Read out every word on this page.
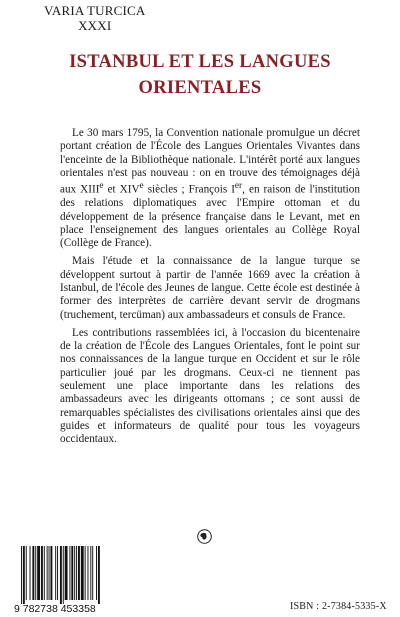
VARIA TURCICA
XXXI
ISTANBUL ET LES LANGUES
ORIENTALES

Le 30 mars 1795, la Convention nationale promulgue un décret portant création de l'École des Langues Orientales Vivantes dans l'enceinte de la Bibliothèque nationale. L'intérêt porté aux langues orientales n'est pas nouveau : on en trouve des témoignages déjà aux XIIIe et XIVe siècles ; François Ier, en raison de l'institution des relations diplomatiques avec l'Empire ottoman et du développement de la présence française dans le Levant, met en place l'enseignement des langues orientales au Collège Royal (Collège de France).

Mais l'étude et la connaissance de la langue turque se développent surtout à partir de l'année 1669 avec la création à Istanbul, de l'école des Jeunes de langue. Cette école est destinée à former des interprètes de carrière devant servir de drogmans (truchement, tercüman) aux ambassadeurs et consuls de France.

Les contributions rassemblées ici, à l'occasion du bicentenaire de la création de l'École des Langues Orientales, font le point sur nos connaissances de la langue turque en Occident et sur le rôle particulier joué par les drogmans. Ceux-ci ne tiennent pas seulement une place importante dans les relations des ambassadeurs avec les dirigeants ottomans ; ce sont aussi de remarquables spécialistes des civilisations orientales ainsi que des guides et informateurs de qualité pour tous les voyageurs occidentaux.

9 782738 453358	ISBN : 2-7384-5335-X
